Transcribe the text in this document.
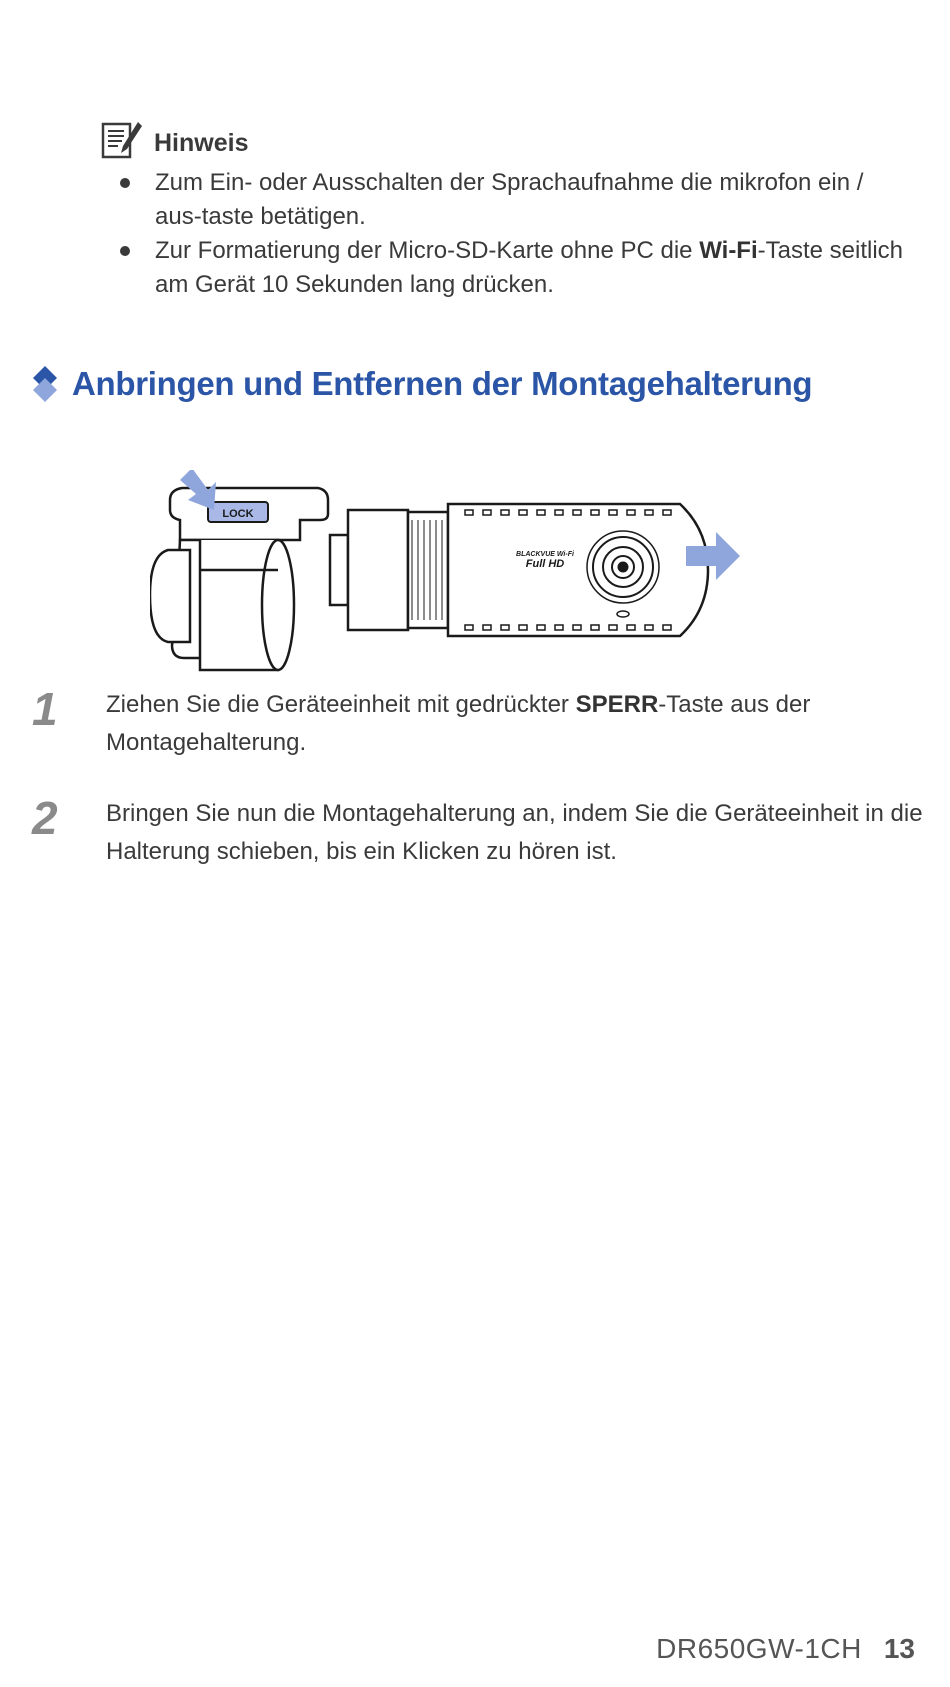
Hinweis
Zum Ein- oder Ausschalten der Sprachaufnahme die mikrofon ein / aus-taste betätigen.
Zur Formatierung der Micro-SD-Karte ohne PC die Wi-Fi-Taste seitlich am Gerät 10 Sekunden lang drücken.
Anbringen und Entfernen der Montagehalterung
LOCK
BLACKVUE Wi-Fi
Full HD
1	Ziehen Sie die Geräteeinheit mit gedrückter SPERR-Taste aus der Montagehalterung.
2	Bringen Sie nun die Montagehalterung an, indem Sie die Geräteeinheit in die Halterung schieben, bis ein Klicken zu hören ist.
DR650GW-1CH 13
